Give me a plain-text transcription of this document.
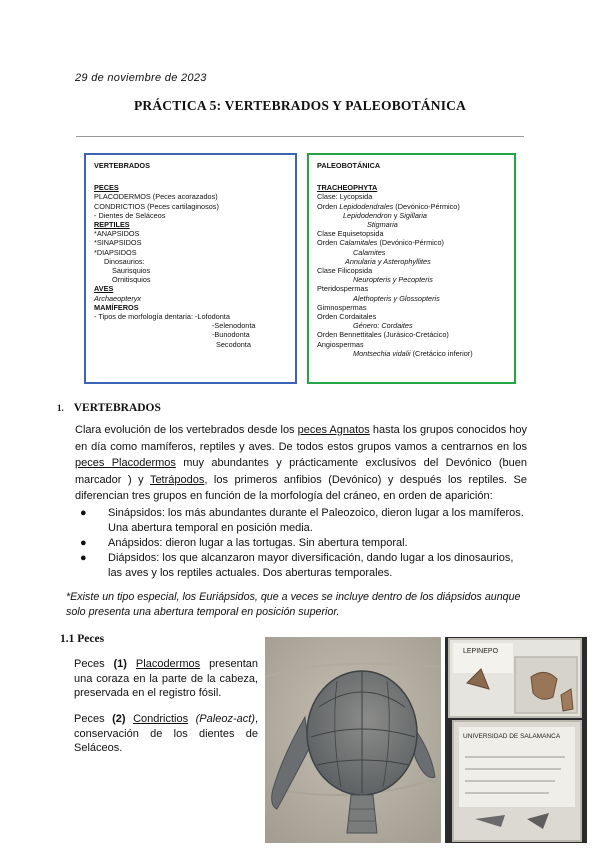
29 de noviembre de 2023
PRÁCTICA 5: VERTEBRADOS Y PALEOBOTÁNICA
VERTEBRADOS
PECES
PLACODERMOS (Peces acorazados)
CONDRICTIOS (Peces cartilaginosos)
- Dientes de Seláceos
REPTILES
*ANAPSIDOS
*SINAPSIDOS
*DIAPSIDOS
Dinosaurios:
Saurisquios
Ornitisquios
AVES
Archaeopteryx
MAMÍFEROS
- Tipos de morfología dentaria: -Lofodonta
-Selenodonta
-Bunodonta
Secodonta
PALEOBOTÁNICA
TRACHEOPHYTA
Clase: Lycopsida
Orden Lepidodendrales (Devónico-Pérmico)
Lepidodendron y Sigillaria
Stigmaria
Clase Equisetopsida
Orden Calamitales (Devónico-Pérmico)
Calamites
Annularia y Asterophyllites
Clase Filicopsida
Neuropteris y Pecopteris
Pteridospermas
Alethopteris y Glossopteris
Gimnospermas
Orden Cordaitales
Género: Cordaites
Orden Bennettitales (Jurásico-Cretácico)
Angiospermas
Montsechia vidalii (Cretácico inferior)
1. VERTEBRADOS
Clara evolución de los vertebrados desde los peces Agnatos hasta los grupos conocidos hoy en día como mamíferos, reptiles y aves. De todos estos grupos vamos a centrarnos en los peces Placodermos muy abundantes y prácticamente exclusivos del Devónico (buen marcador ) y Tetrápodos, los primeros anfibios (Devónico) y después los reptiles. Se diferencian tres grupos en función de la morfología del cráneo, en orden de aparición:
● Sinápsidos: los más abundantes durante el Paleozoico, dieron lugar a los mamíferos. Una abertura temporal en posición media.
● Anápsidos: dieron lugar a las tortugas. Sin abertura temporal.
● Diápsidos: los que alcanzaron mayor diversificación, dando lugar a los dinosaurios, las aves y los reptiles actuales. Dos aberturas temporales.
*Existe un tipo especial, los Euriápsidos, que a veces se incluye dentro de los diápsidos aunque solo presenta una abertura temporal en posición superior.
1.1 Peces
Peces (1) Placodermos presentan una coraza en la parte de la cabeza, preservada en el registro fósil.
Peces (2) Condrictios (Paleoz-act), conservación de los dientes de Seláceos.
LEPINEPO
UNIVERSIDAD DE SALAMANCA
